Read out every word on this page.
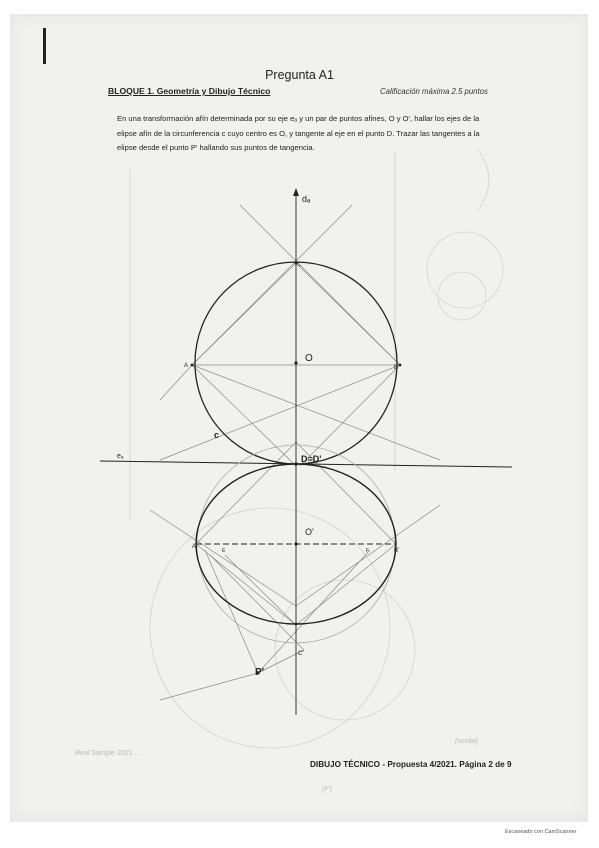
Pregunta A1
BLOQUE 1. Geometría y Dibujo Técnico	Calificación máxima 2.5 puntos
En una transformación afín determinada por su eje eₐ y un par de puntos afines, O y O', hallar los ejes de la elipse afín de la circunferencia c cuyo centro es O, y tangente al eje en el punto D. Trazar las tangentes a la elipse desde el punto P' hallando sus puntos de tangencia.
dₐ
O
c
D≡D'
eₐ
O'
P'
A	B
A'
B'
C
C'
E	F
Real Sample 2021 ...
(ocolai)
(F')
DIBUJO TÉCNICO - Propuesta 4/2021. Página 2 de 9
Escaneado con CamScanner
